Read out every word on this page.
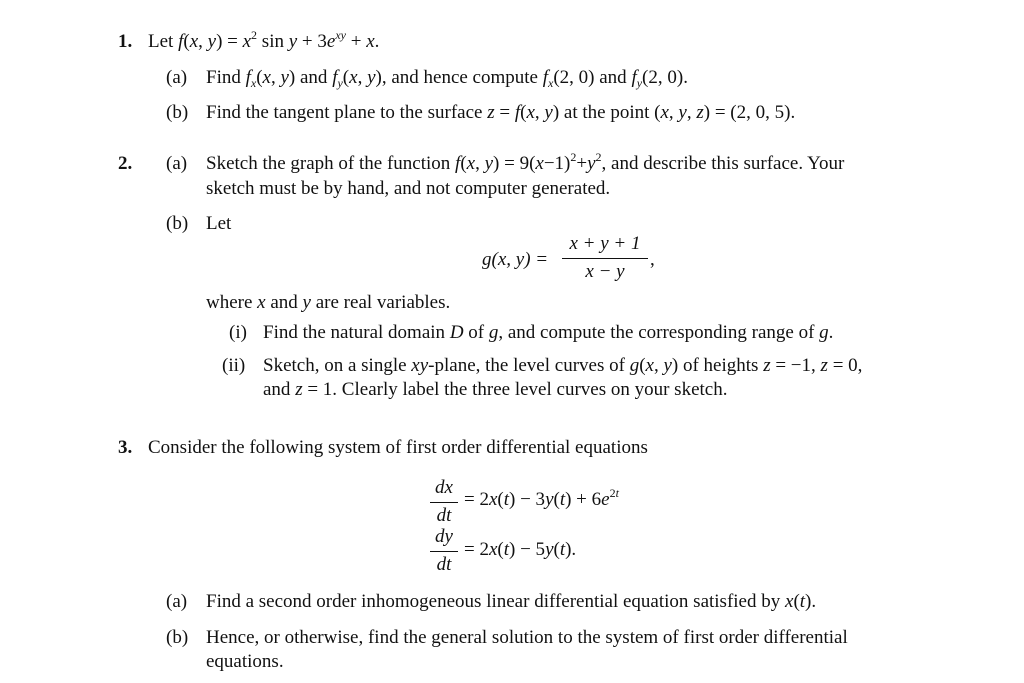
1. Let f(x, $y) = x^2$ $\sin y + 3e^{xy} + x$.
(a) Find $f_x(x$, y) and $f_y(x$, y), and hence compute $f_x(2$, 0) and $f_y(2$, 0).
(b) Find the tangent plane to the surface z = f(x, y) at the point (x, y, z) = (2, 0, 5).
2. (a) Sketch the graph of the function f(x, $y) = 9(x-1)^2+y^2$, and describe this surface. Your
sketch must be by hand, and not computer generated.
(b) Let
g(x, y) =
x + y + 1
x − y
,
where x and y are real variables.
(i) Find the natural domain D of g, and compute the corresponding range of g.
(ii) Sketch, on a single xy-plane, the level curves of g(x, y) of heights z = −1, z = 0,
and z = 1. Clearly label the three level curves on your sketch.
3. Consider the following system of first order differential equations
dx
dt
= $2x(t) - 3y(t) + 6e^{2t}$
dy
dt
= 2x(t) − 5y(t).
(a) Find a second order inhomogeneous linear differential equation satisfied by x(t).
(b) Hence, or otherwise, find the general solution to the system of first order differential
equations.
